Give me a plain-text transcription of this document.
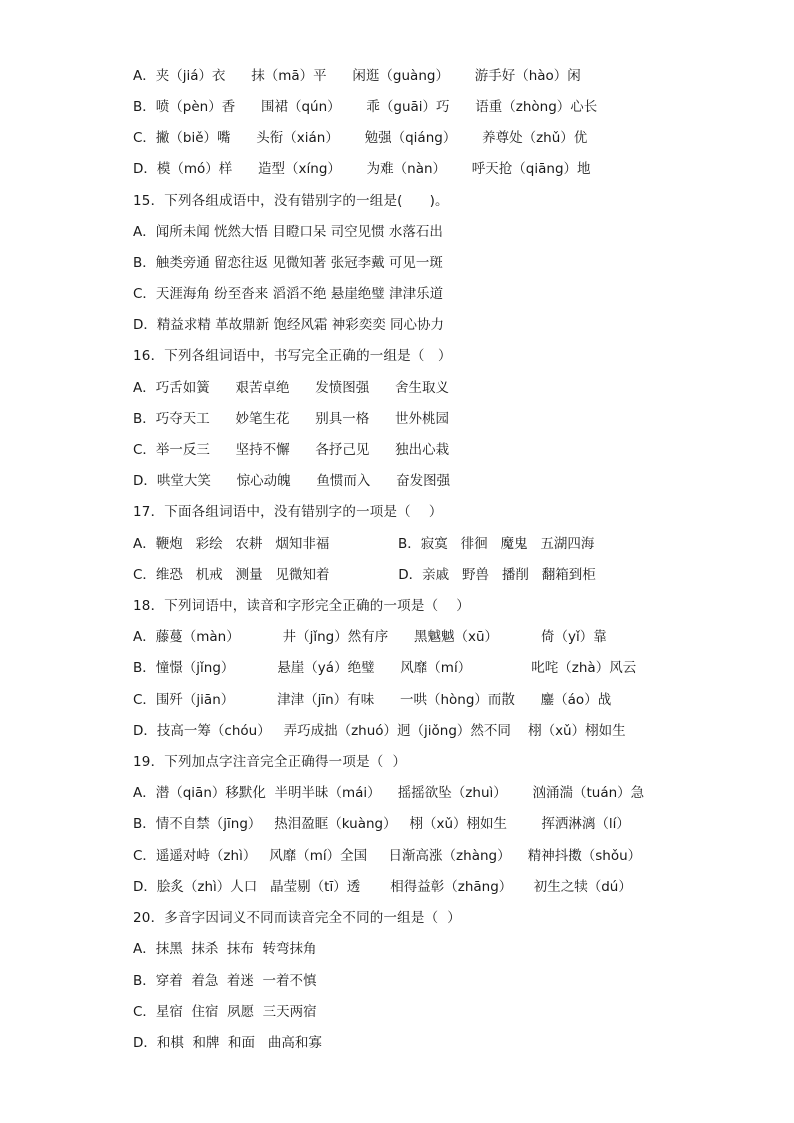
A．夹（jiá）衣      抹（mā）平      闲逛（guàng）      游手好（hào）闲
B．喷（pèn）香      围裙（qún）      乖（guāi）巧      语重（zhòng）心长
C．撇（biě）嘴      头衔（xián）      勉强（qiáng）      养尊处（zhǔ）优
D．模（mó）样      造型（xíng）      为难（nàn）      呼天抢（qiāng）地
15．下列各组成语中，没有错别字的一组是(      )。
A．闻所未闻 恍然大悟 目瞪口呆 司空见惯 水落石出
B．触类旁通 留恋往返 见微知著 张冠李戴 可见一斑
C．天涯海角 纷至沓来 滔滔不绝 悬崖绝璧 津津乐道
D．精益求精 革故鼎新 饱经风霜 神彩奕奕 同心协力
16．下列各组词语中，书写完全正确的一组是（   ）
A．巧舌如簧      艰苦卓绝      发愤图强      舍生取义
B．巧夺天工      妙笔生花      别具一格      世外桃园
C．举一反三      坚持不懈      各抒己见      独出心栽
D．哄堂大笑      惊心动魄      鱼惯而入      奋发图强
17．下面各组词语中，没有错别字的一项是（    ）
A．鞭炮   彩绘   农耕   烟知非福                B．寂寞   徘徊   魔鬼   五湖四海
C．维恐   机戒   测量   见微知着                D．亲戚   野兽   播削   翻箱到柜
18．下列词语中，读音和字形完全正确的一项是（    ）
A．藤蔓（màn）          井（jǐng）然有序      黑魆魆（xū）          倚（yǐ）靠
B．憧憬（jǐng）          悬崖（yá）绝璧      风靡（mí）              叱咤（zhà）风云
C．围歼（jiān）          津津（jīn）有味      一哄（hòng）而散      鏖（áo）战
D．技高一筹（chóu）   弄巧成拙（zhuó）迥（jiǒng）然不同    栩（xǔ）栩如生
19．下列加点字注音完全正确得一项是（  ）
A．潜（qiān）移默化  半明半昧（mái）    摇摇欲坠（zhuì）      汹涌湍（tuán）急
B．情不自禁（jīng）   热泪盈眶（kuàng）   栩（xǔ）栩如生        挥洒淋漓（lí）
C．遥遥对峙（zhì）   风靡（mí）全国     日渐高涨（zhàng）    精神抖擞（shǒu）
D．脍炙（zhì）人口   晶莹剔（tī）透       相得益彰（zhāng）     初生之犊（dú）
20．多音字因词义不同而读音完全不同的一组是（  ）
A．抹黑  抹杀  抹布  转弯抹角
B．穿着  着急  着迷  一着不慎
C．星宿  住宿  夙愿  三天两宿
D．和棋  和牌  和面   曲高和寡
